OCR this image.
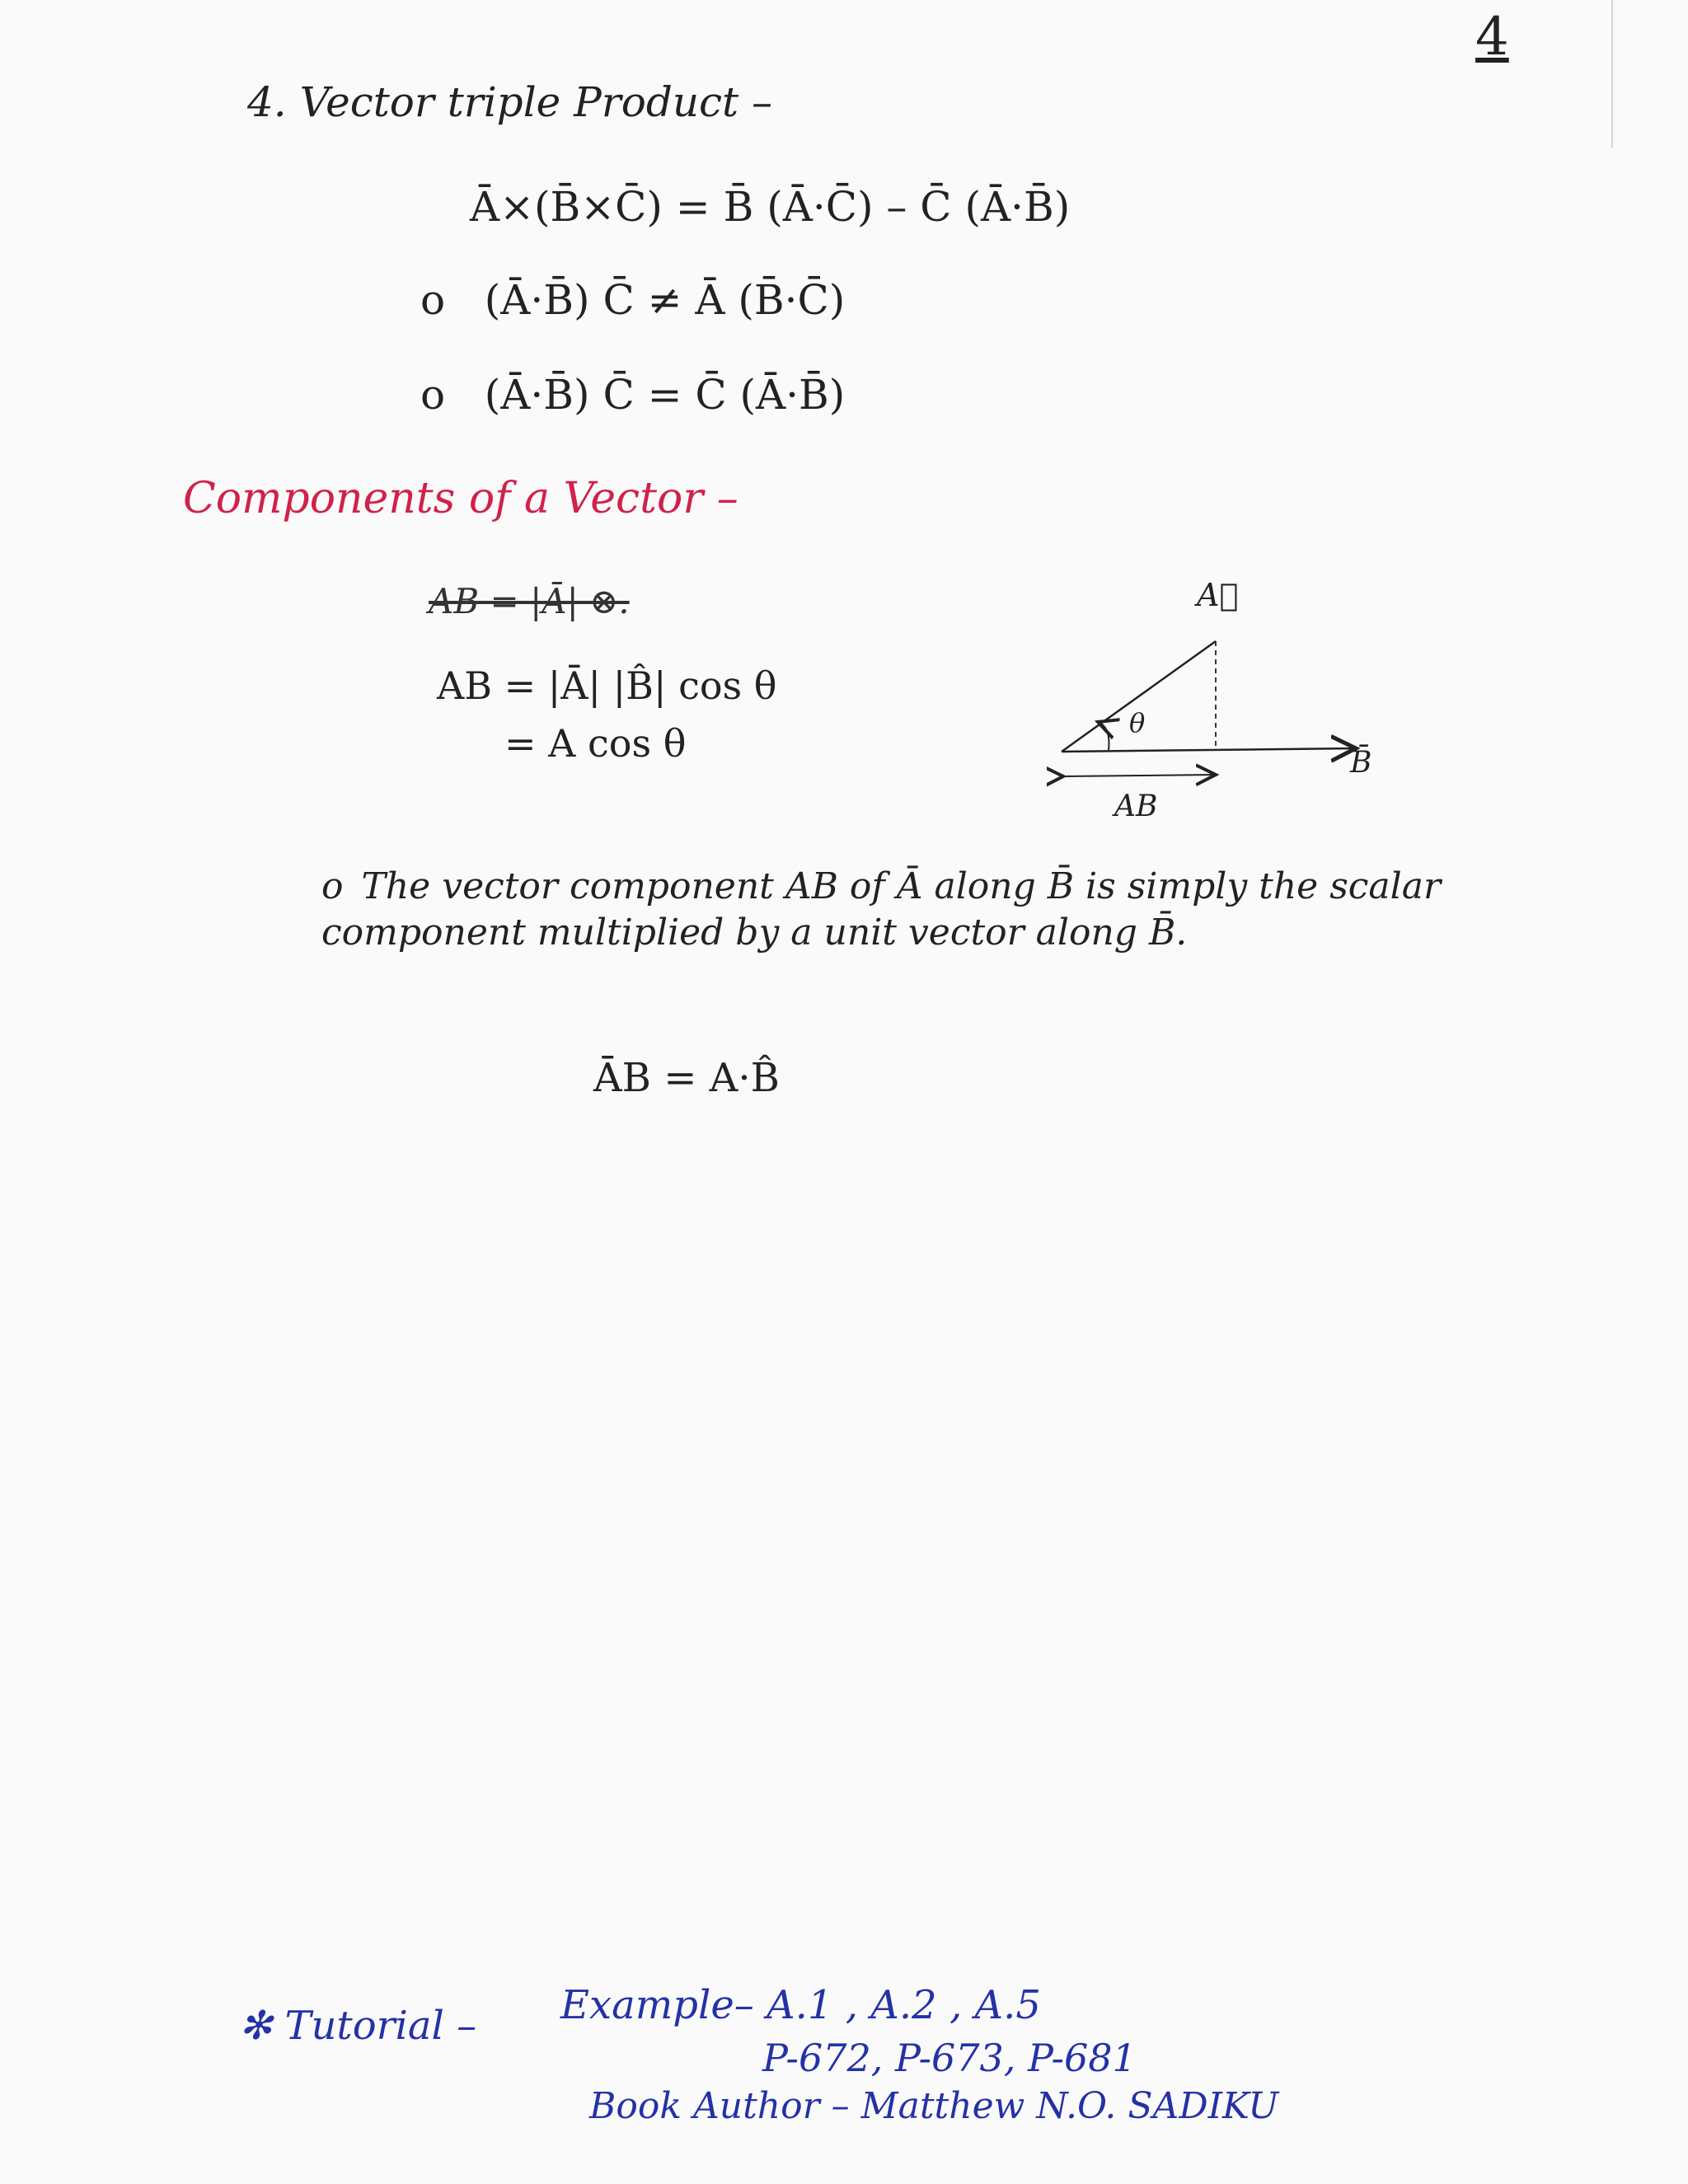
4
4. Vector triple Product –
Ā×(B̄×C̄) = B̄ (Ā·C̄) – C̄ (Ā·B̄)
o (Ā·B̄) C̄ ≠ Ā (B̄·C̄)
o (Ā·B̄) C̄ = C̄ (Ā·B̄)
Components of a Vector –
AB = |Ā| ⊗.
AB = |Ā| |B̂| cos θ
= A cos θ
A⃗
B̄
θ
AB
o The vector component AB of Ā along B̄ is simply the scalar component multiplied by a unit vector along B̄.
ĀB = A·B̂
✻ Tutorial – Example– A.1 , A.2 , A.5
P-672, P-673, P-681
Book Author – Matthew N.O. SADIKU
